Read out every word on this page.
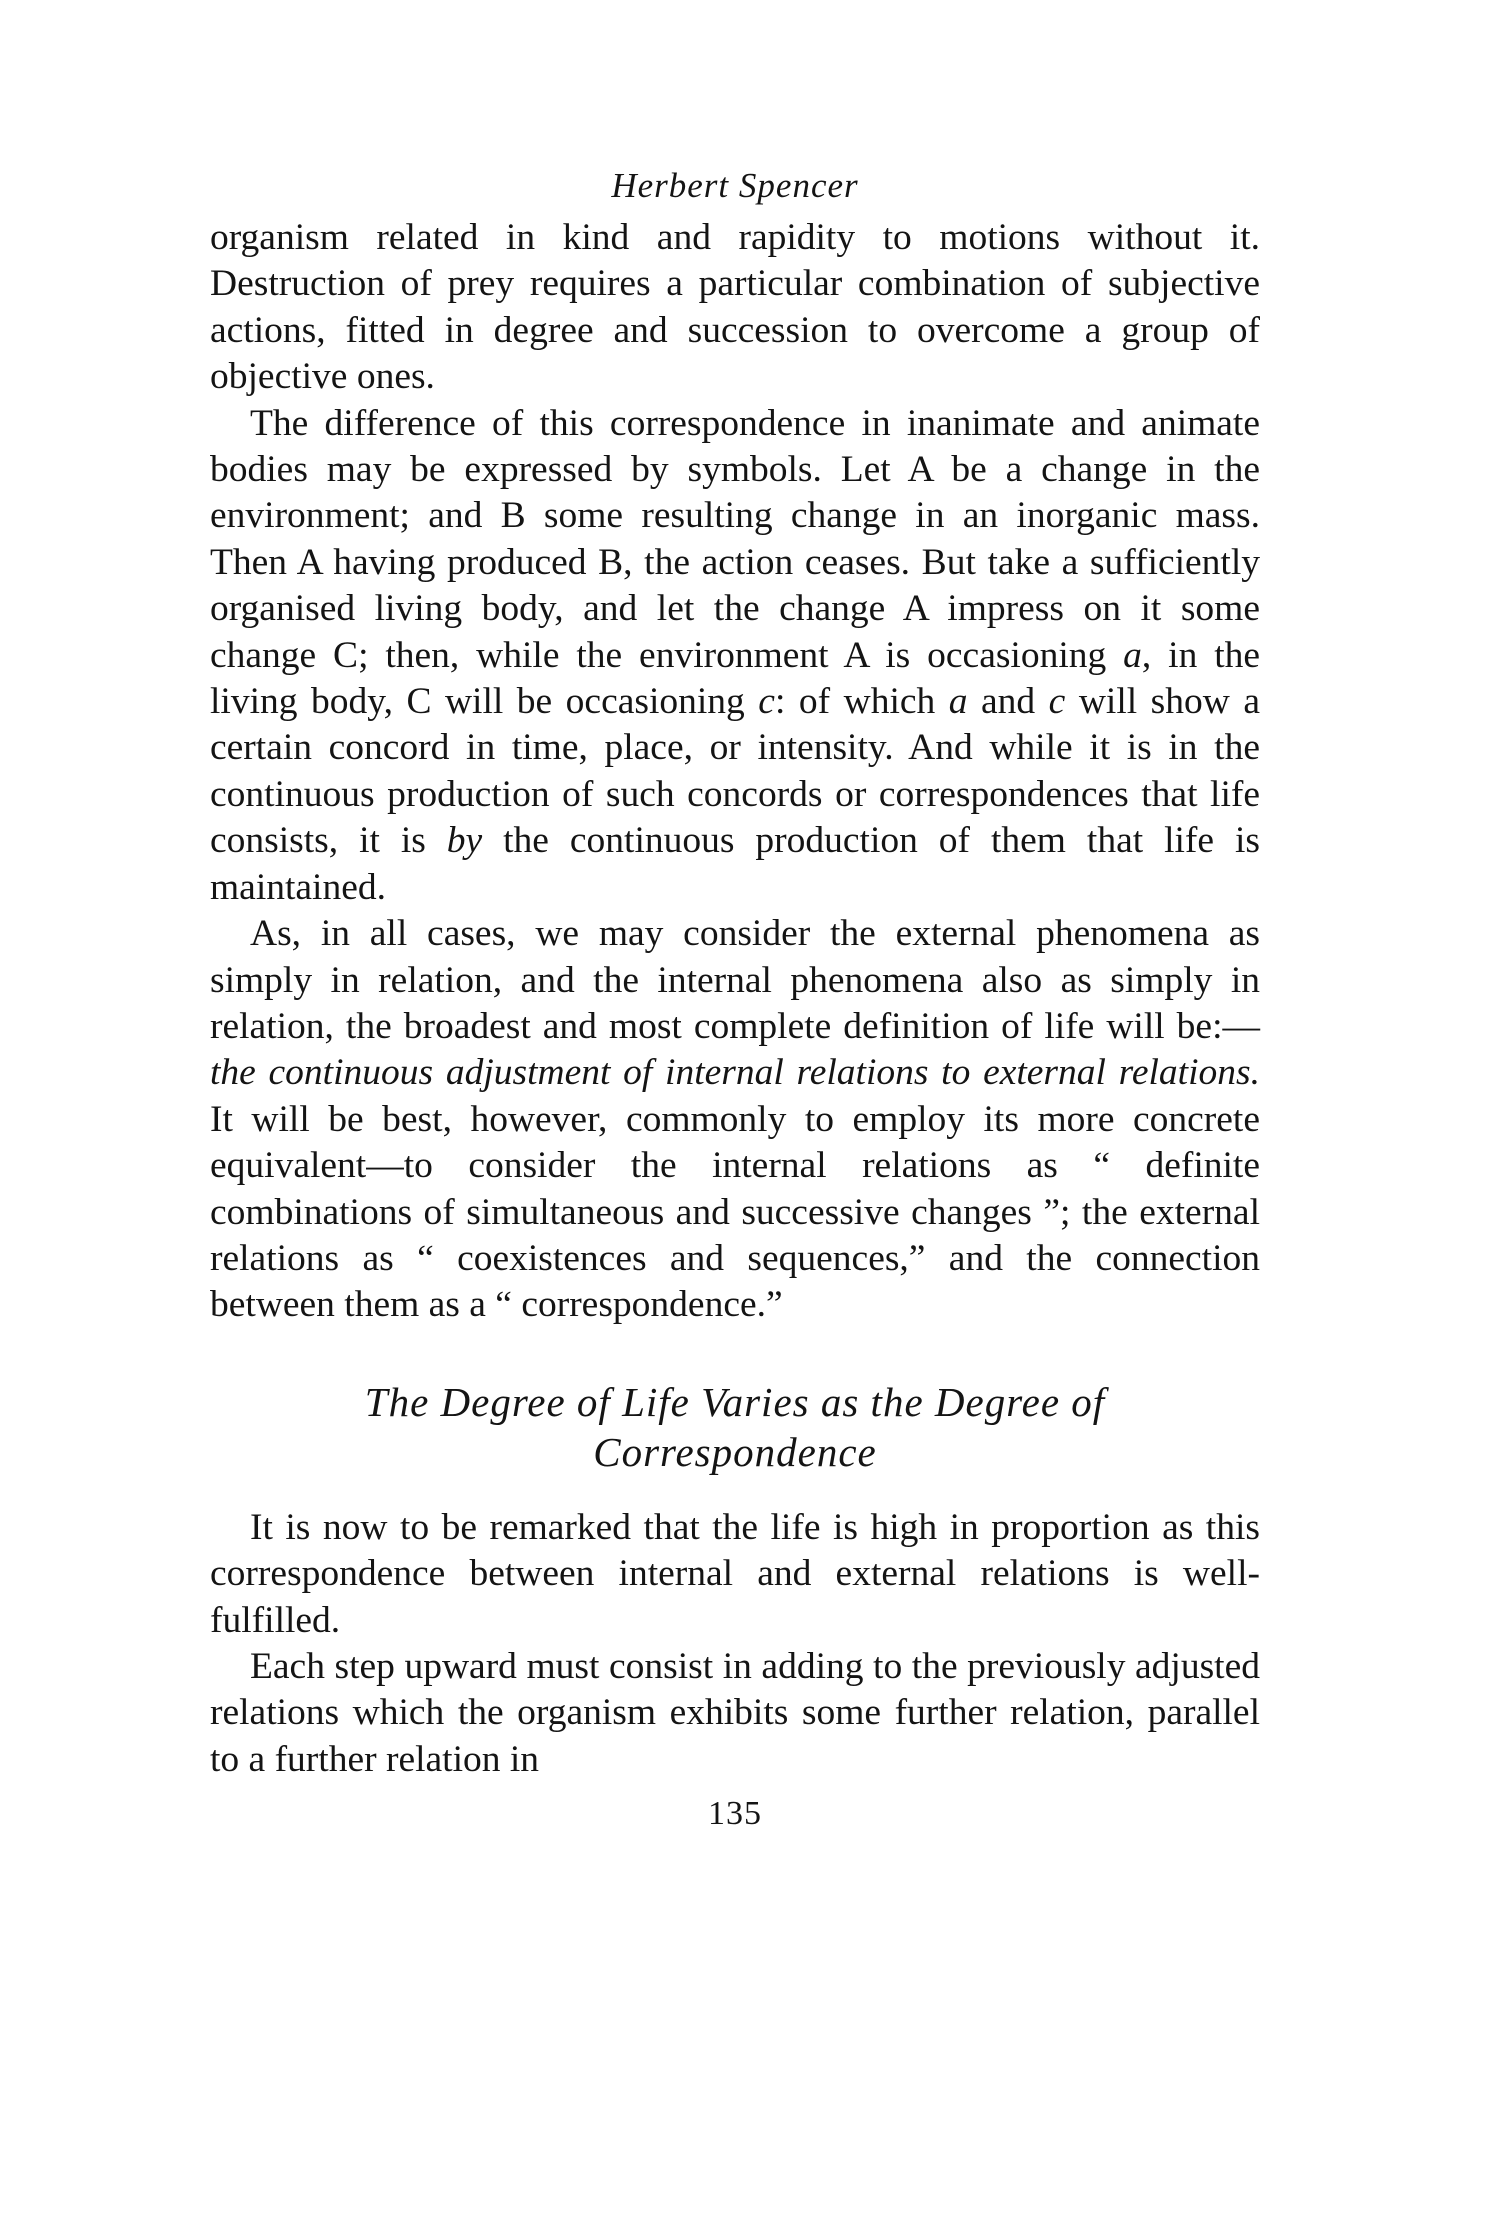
Herbert Spencer

organism related in kind and rapidity to motions without it. Destruction of prey requires a particular combination of subjective actions, fitted in degree and succession to overcome a group of objective ones.

The difference of this correspondence in inanimate and animate bodies may be expressed by symbols. Let A be a change in the environment; and B some resulting change in an inorganic mass. Then A having produced B, the action ceases. But take a sufficiently organised living body, and let the change A impress on it some change C; then, while the environment A is occasioning a, in the living body, C will be occasioning c: of which a and c will show a certain concord in time, place, or intensity. And while it is in the continuous production of such concords or correspondences that life consists, it is by the continuous production of them that life is maintained.

As, in all cases, we may consider the external phenomena as simply in relation, and the internal phenomena also as simply in relation, the broadest and most complete definition of life will be:—the continuous adjustment of internal relations to external relations. It will be best, however, commonly to employ its more concrete equivalent—to consider the internal relations as “ definite combinations of simultaneous and successive changes ”; the external relations as “ coexistences and sequences,” and the connection between them as a “ correspondence.”

The Degree of Life Varies as the Degree of
Correspondence

It is now to be remarked that the life is high in proportion as this correspondence between internal and external relations is well-fulfilled.

Each step upward must consist in adding to the previously adjusted relations which the organism exhibits some further relation, parallel to a further relation in

135
